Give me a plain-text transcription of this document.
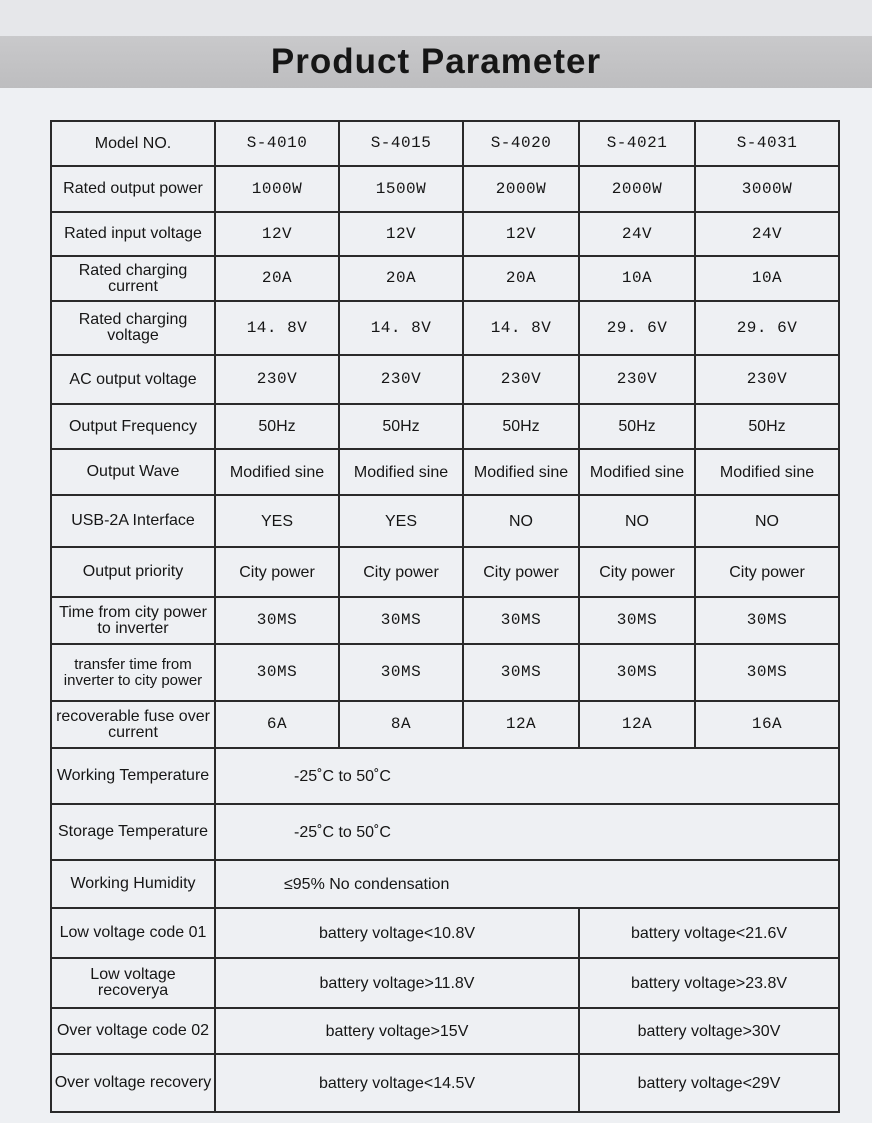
Product Parameter
Model NO.	S-4010	S-4015	S-4020	S-4021	S-4031
Rated output power	1000W	1500W	2000W	2000W	3000W
Rated input voltage	12V	12V	12V	24V	24V
Rated charging current	20A	20A	20A	10A	10A
Rated charging voltage	14. 8V	14. 8V	14. 8V	29. 6V	29. 6V
AC output voltage	230V	230V	230V	230V	230V
Output Frequency	50Hz	50Hz	50Hz	50Hz	50Hz
Output Wave	Modified sine	Modified sine	Modified sine	Modified sine	Modified sine
USB-2A Interface	YES	YES	NO	NO	NO
Output priority	City power	City power	City power	City power	City power
Time from city power to inverter	30MS	30MS	30MS	30MS	30MS
transfer time from inverter to city power	30MS	30MS	30MS	30MS	30MS
recoverable fuse over current	6A	8A	12A	12A	16A
Working Temperature	-25˚C to 50˚C				
Storage Temperature	-25˚C to 50˚C				
Working Humidity	≤95% No condensation				
Low voltage code 01	battery voltage<10.8V			battery voltage<21.6V	
Low voltage recoverya	battery voltage>11.8V			battery voltage>23.8V	
Over voltage code 02	battery voltage>15V			battery voltage>30V	
Over voltage recovery	battery voltage<14.5V			battery voltage<29V	
